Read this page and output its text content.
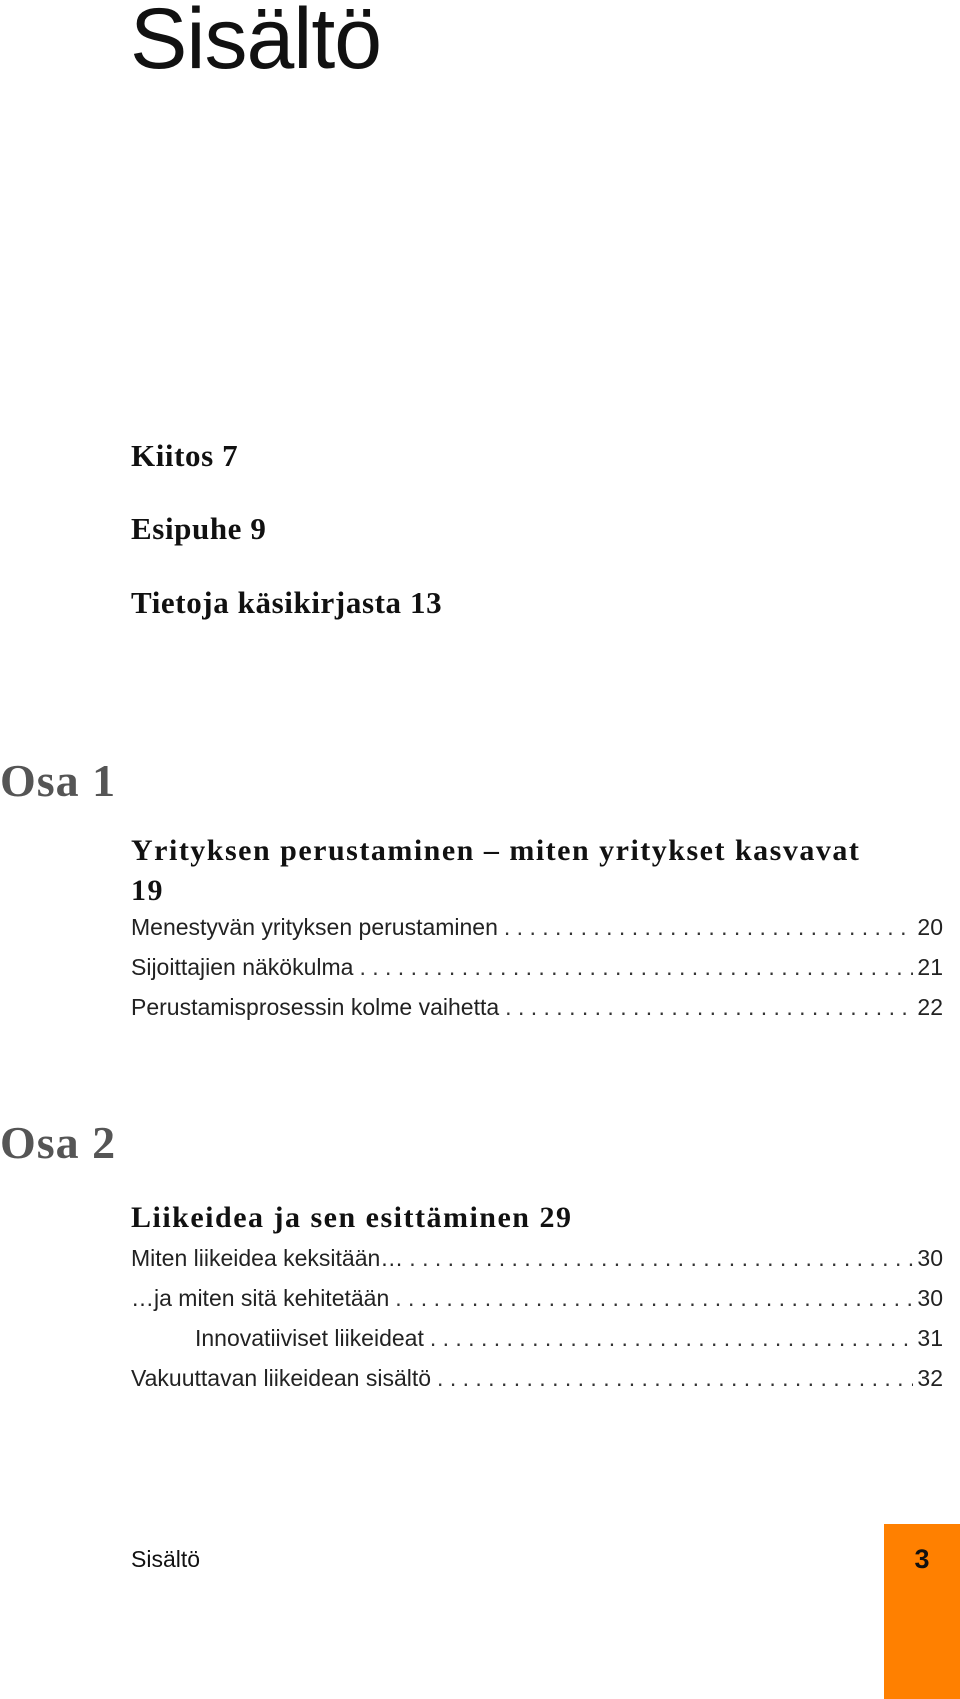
Sisältö
Kiitos 7
Esipuhe 9
Tietoja käsikirjasta 13
Osa 1
Yrityksen perustaminen – miten yritykset kasvavat 19
Menestyvän yrityksen perustaminen . . .	20
Sijoittajien näkökulma . . .	21
Perustamisprosessin kolme vaihetta . . .	22
Osa 2
Liikeidea ja sen esittäminen 29
Miten liikeidea keksitään… . . .	30
…ja miten sitä kehitetään . . .	30
Innovatiiviset liikeideat . . .	31
Vakuuttavan liikeidean sisältö . . .	32
Sisältö	3
